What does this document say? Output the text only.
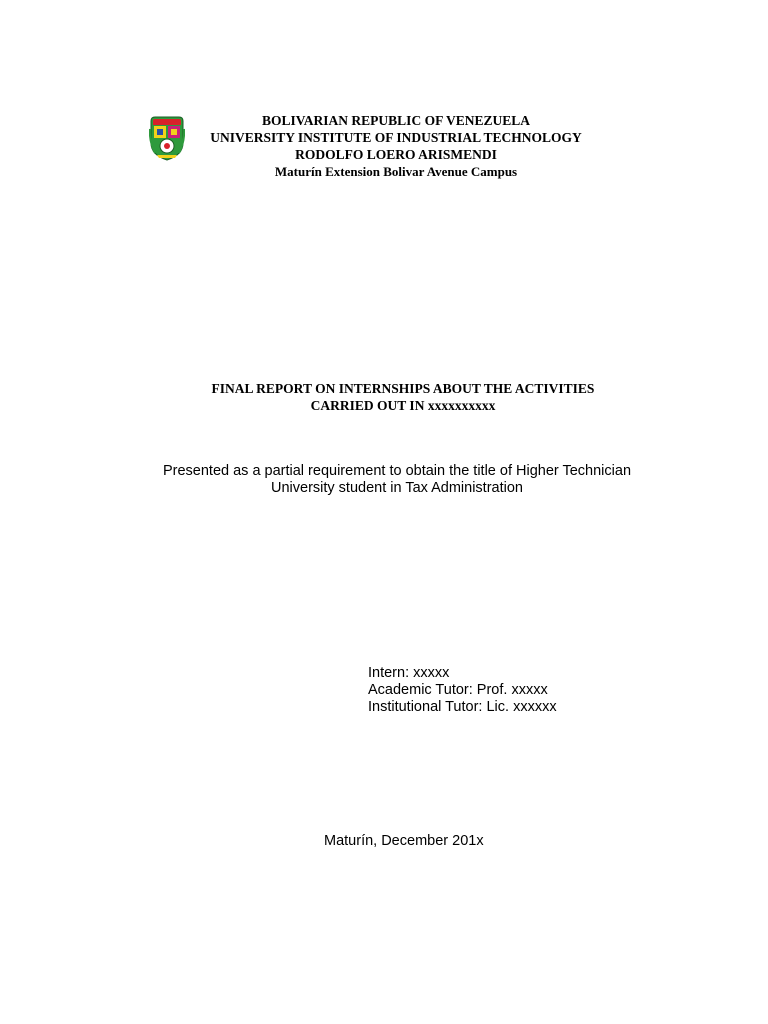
BOLIVARIAN REPUBLIC OF VENEZUELA
UNIVERSITY INSTITUTE OF INDUSTRIAL TECHNOLOGY
RODOLFO LOERO ARISMENDI
Maturín Extension Bolivar Avenue Campus
FINAL REPORT ON INTERNSHIPS ABOUT THE ACTIVITIES
CARRIED OUT IN xxxxxxxxxx
Presented as a partial requirement to obtain the title of Higher Technician
University student in Tax Administration
Intern: xxxxx
Academic Tutor: Prof. xxxxx
Institutional Tutor: Lic. xxxxxx
Maturín, December 201x
